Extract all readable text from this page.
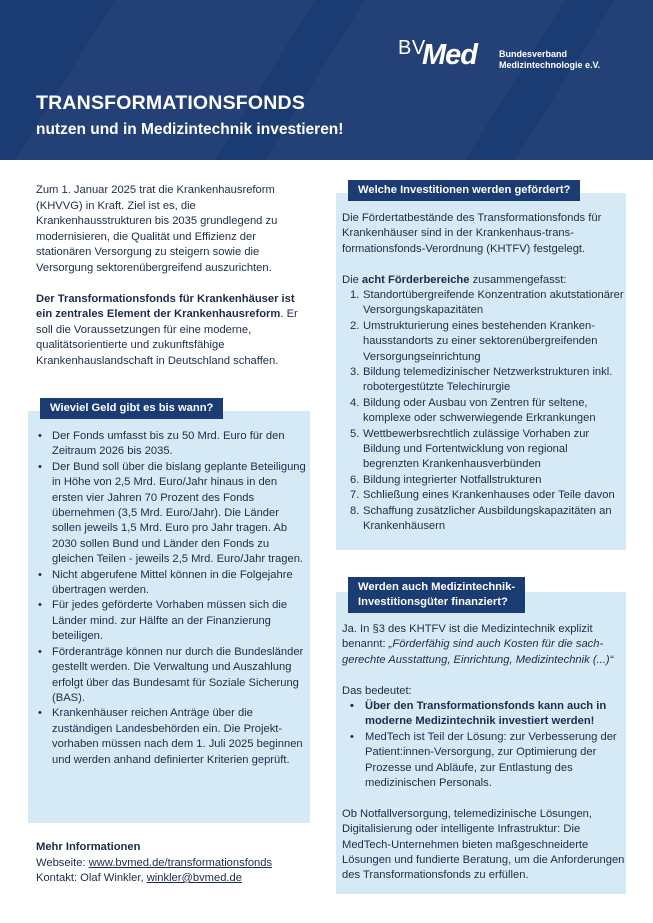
BV
Med Bundesverband
Medizintechnologie e.V.
TRANSFORMATIONSFONDS
nutzen und in Medizintechnik investieren!

Zum 1. Januar 2025 trat die Krankenhausreform (KHVVG) in Kraft. Ziel ist es, die Krankenhausstrukturen bis 2035 grundlegend zu modernisieren, die Qualität und Effizienz der stationären Versorgung zu steigern sowie die Versorgung sektorenübergreifend auszurichten.

Der Transformationsfonds für Krankenhäuser ist ein zentrales Element der Krankenhausreform. Er soll die Voraussetzungen für eine moderne, qualitätsorientierte und zukunftsfähige Krankenhauslandschaft in Deutschland schaffen.

Wieviel Geld gibt es bis wann?
• Der Fonds umfasst bis zu 50 Mrd. Euro für den Zeitraum 2026 bis 2035.
• Der Bund soll über die bislang geplante Beteiligung in Höhe von 2,5 Mrd. Euro/Jahr hinaus in den ersten vier Jahren 70 Prozent des Fonds übernehmen (3,5 Mrd. Euro/Jahr). Die Länder sollen jeweils 1,5 Mrd. Euro pro Jahr tragen. Ab 2030 sollen Bund und Länder den Fonds zu gleichen Teilen - jeweils 2,5 Mrd. Euro/Jahr tragen.
• Nicht abgerufene Mittel können in die Folgejahre übertragen werden.
• Für jedes geförderte Vorhaben müssen sich die Länder mind. zur Hälfte an der Finanzierung beteiligen.
• Förderanträge können nur durch die Bundesländer gestellt werden. Die Verwaltung und Auszahlung erfolgt über das Bundesamt für Soziale Sicherung (BAS).
• Krankenhäuser reichen Anträge über die zuständigen Landesbehörden ein. Die Projekt-vorhaben müssen nach dem 1. Juli 2025 beginnen und werden anhand definierter Kriterien geprüft.
Mehr Informationen
Webseite: www.bvmed.de/transformationsfonds
Kontakt: Olaf Winkler, winkler@bvmed.de
Welche Investitionen werden gefördert?

Die Fördertatbestände des Transformationsfonds für Krankenhäuser sind in der Krankenhaus-trans-formationsfonds-Verordnung (KHTFV) festgelegt.

Die acht Förderbereiche zusammengefasst:

1. Standortübergreifende Konzentration akutstationärer Versorgungskapazitäten
2. Umstrukturierung eines bestehenden Kranken-hausstandorts zu einer sektorenübergreifenden Versorgungseinrichtung
3. Bildung telemedizinischer Netzwerkstrukturen inkl. robotergestützte Telechirurgie
4. Bildung oder Ausbau von Zentren für seltene, komplexe oder schwerwiegende Erkrankungen
5. Wettbewerbsrechtlich zulässige Vorhaben zur Bildung und Fortentwicklung von regional begrenzten Krankenhausverbünden
6. Bildung integrierter Notfallstrukturen
7. Schließung eines Krankenhauses oder Teile davon
8. Schaffung zusätzlicher Ausbildungskapazitäten an Krankenhäusern
Werden auch Medizintechnik-
Investitionsgüter finanziert?

Ja. In §3 des KHTFV ist die Medizintechnik explizit benannt: „Förderfähig sind auch Kosten für die sach-gerechte Ausstattung, Einrichtung, Medizintechnik (...)“

Das bedeutet:

• Über den Transformationsfonds kann auch in moderne Medizintechnik investiert werden!
• MedTech ist Teil der Lösung: zur Verbesserung der Patient:innen-Versorgung, zur Optimierung der Prozesse und Abläufe, zur Entlastung des medizinischen Personals.

Ob Notfallversorgung, telemedizinische Lösungen, Digitalisierung oder intelligente Infrastruktur: Die MedTech-Unternehmen bieten maßgeschneiderte Lösungen und fundierte Beratung, um die Anforderungen des Transformationsfonds zu erfüllen.
